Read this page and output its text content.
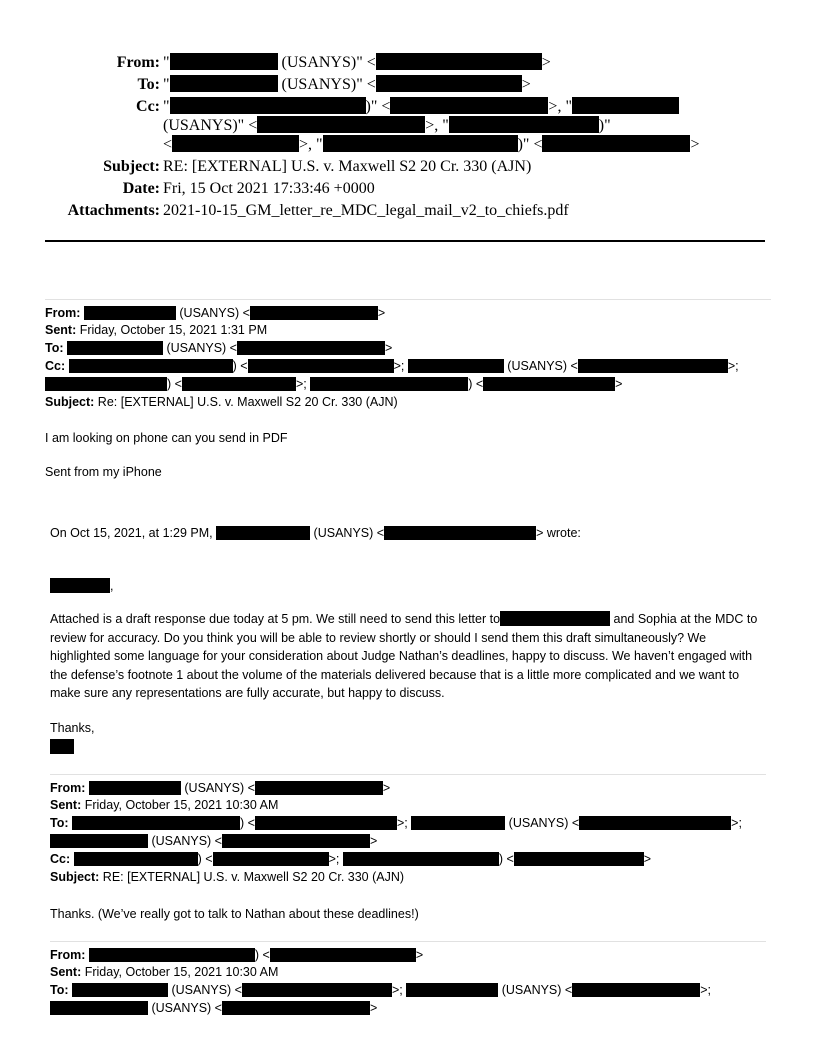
From: "	(USANYS)" <	>
To: "	(USANYS)" <	>
Cc: "	)" <	>, "
(USANYS)" <	>, "	)"
<	>, "	)" <	>
Subject: RE: [EXTERNAL] U.S. v. Maxwell S2 20 Cr. 330 (AJN)
Date: Fri, 15 Oct 2021 17:33:46 +0000
Attachments: 2021-10-15_GM_letter_re_MDC_legal_mail_v2_to_chiefs.pdf
From:	(USANYS) <	>
Sent: Friday, October 15, 2021 1:31 PM
To:	(USANYS) <	>
Cc:	) <	>;	(USANYS) <	>;
) <	>;	) <	>
Subject: Re: [EXTERNAL] U.S. v. Maxwell S2 20 Cr. 330 (AJN)
I am looking on phone can you send in PDF
Sent from my iPhone
On Oct 15, 2021, at 1:29 PM,	(USANYS) <	> wrote:
,
Attached is a draft response due today at 5 pm. We still need to send this letter to	and Sophia at the MDC to review for accuracy. Do you think you will be able to review shortly or should I send them this draft simultaneously? We highlighted some language for your consideration about Judge Nathan’s deadlines, happy to discuss. We haven’t engaged with the defense’s footnote 1 about the volume of the materials delivered because that is a little more complicated and we want to make sure any representations are fully accurate, but happy to discuss.
Thanks,
From:	(USANYS) <	>
Sent: Friday, October 15, 2021 10:30 AM
To:	) <	>;	(USANYS) <	>;
(USANYS) <	>
Cc:	) <	>;	) <	>
Subject: RE: [EXTERNAL] U.S. v. Maxwell S2 20 Cr. 330 (AJN)
Thanks. (We’ve really got to talk to Nathan about these deadlines!)
From:	) <	>
Sent: Friday, October 15, 2021 10:30 AM
To:	(USANYS) <	>;	(USANYS) <	>;
(USANYS) <	>
